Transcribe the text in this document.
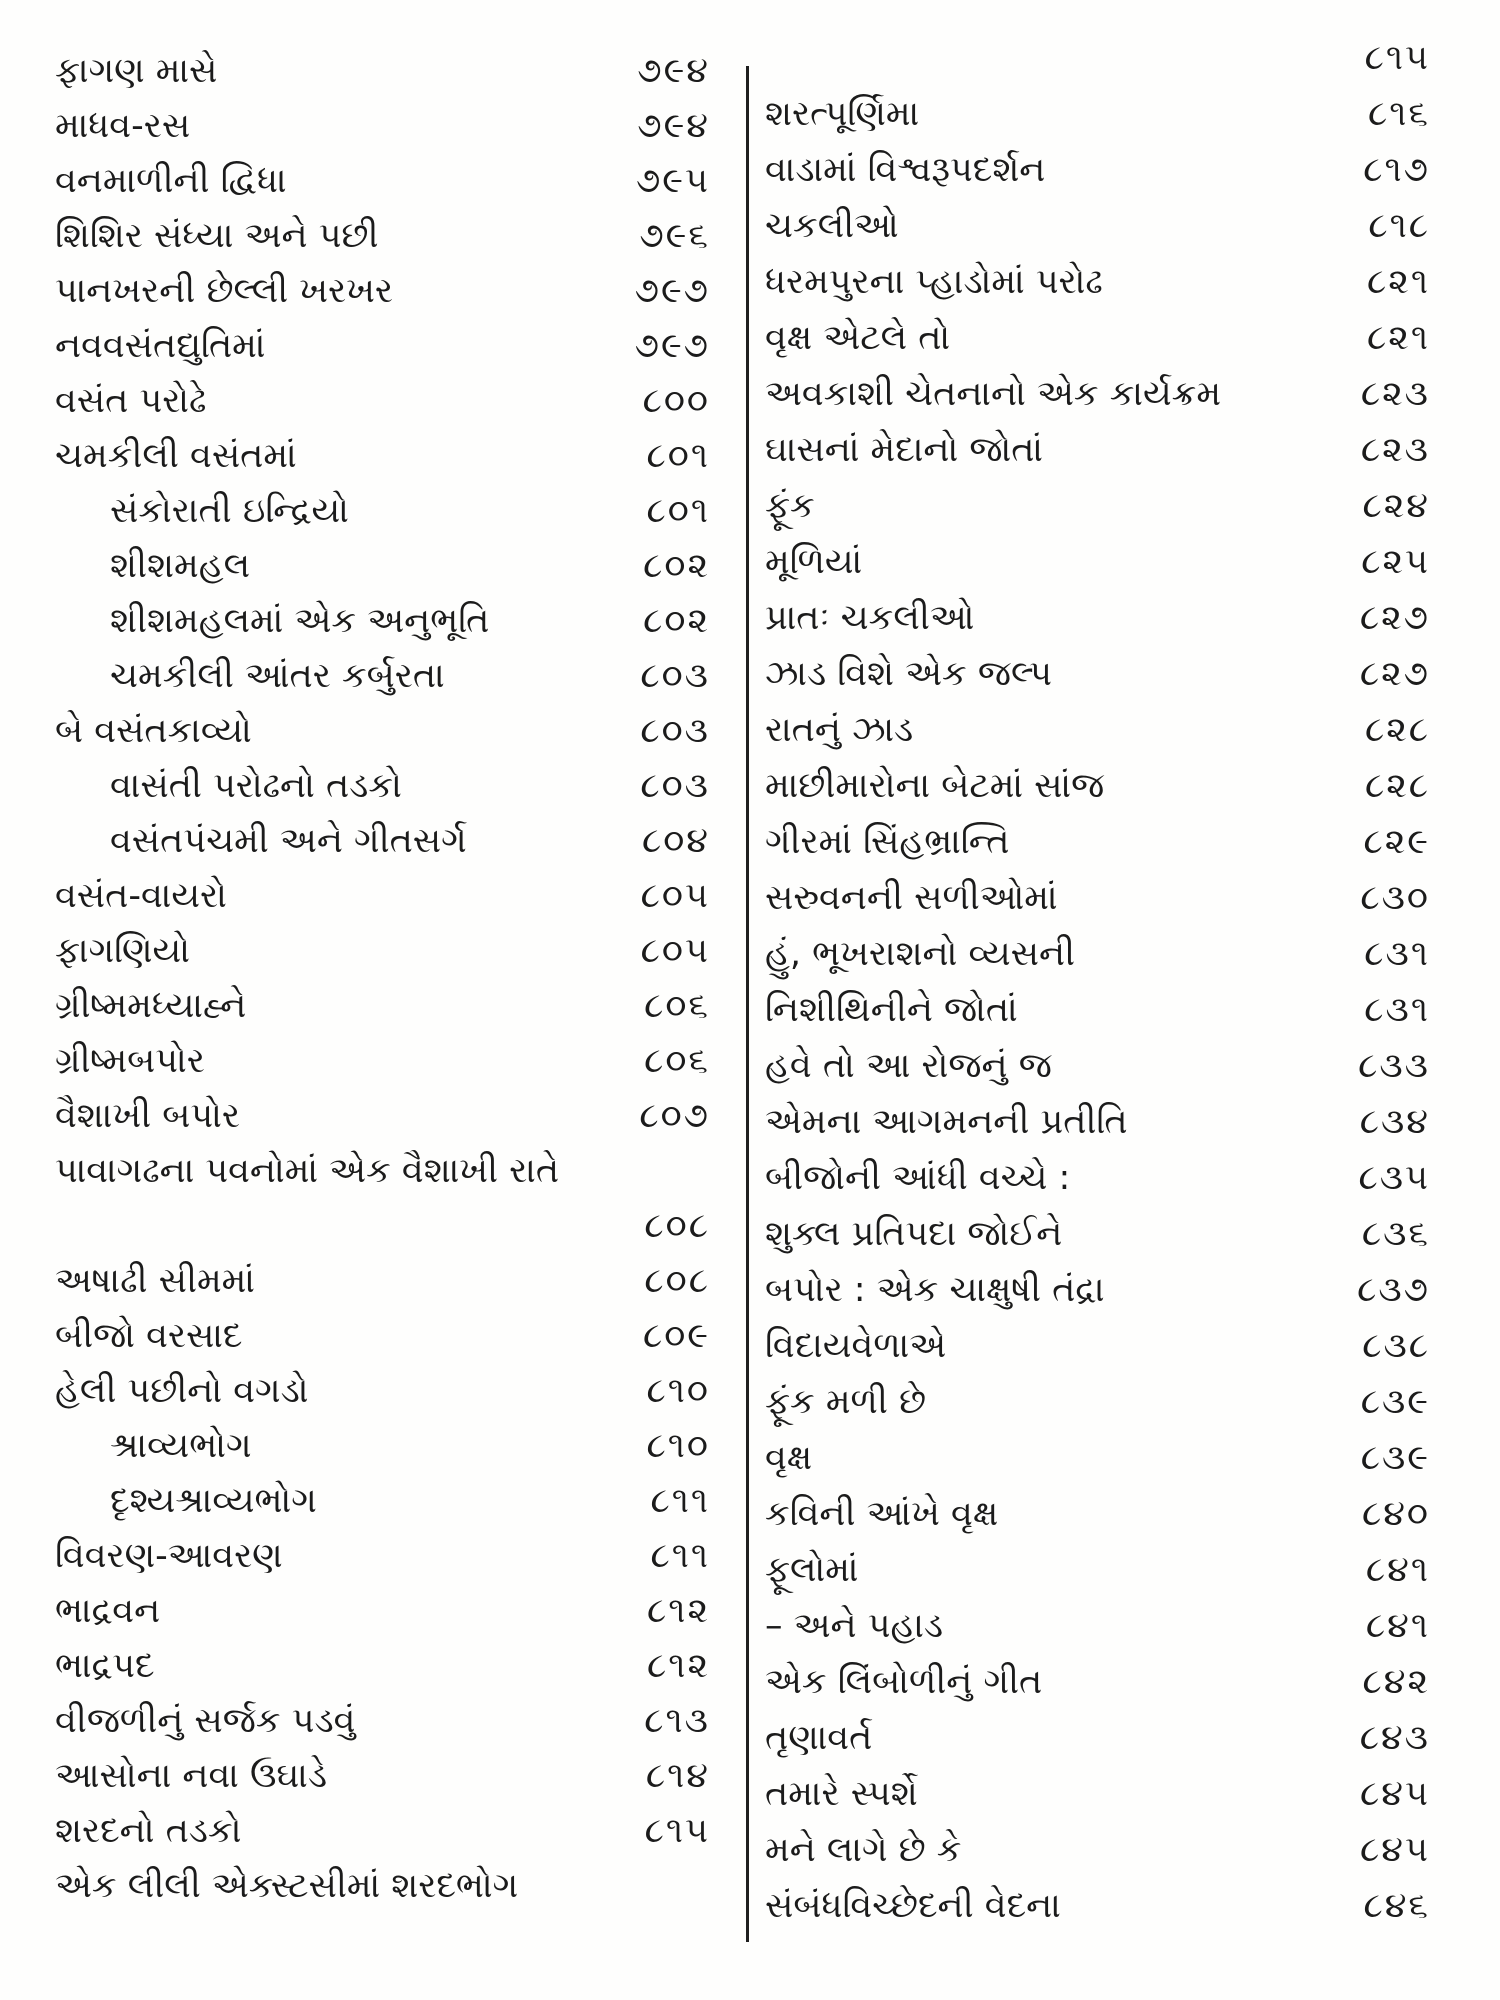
ફાગણ માસે	૭૯૪
માધવ-રસ	૭૯૪
વનમાળીની દ્વિધા	૭૯૫
શિશિર સંધ્યા અને પછી	૭૯૬
પાનખરની છેલ્લી ખરખર	૭૯૭
નવવસંતદ્યુતિમાં	૭૯૭
વસંત પરોઢે	૮૦૦
ચમકીલી વસંતમાં	૮૦૧
સંકોરાતી ઇન્દ્રિયો	૮૦૧
શીશમહલ	૮૦૨
શીશમહલમાં એક અનુભૂતિ	૮૦૨
ચમકીલી આંતર કર્બુરતા	૮૦૩
બે વસંતકાવ્યો	૮૦૩
વાસંતી પરોઢનો તડકો	૮૦૩
વસંતપંચમી અને ગીતસર્ગ	૮૦૪
વસંત-વાયરો	૮૦૫
ફાગણિયો	૮૦૫
ગ્રીષ્મમધ્યાહ્ને	૮૦૬
ગ્રીષ્મબપોર	૮૦૬
વૈશાખી બપોર	૮૦૭
પાવાગઢના પવનોમાં એક વૈશાખી રાતે
૮૦૮
અષાઢી સીમમાં	૮૦૮
બીજો વરસાદ	૮૦૯
હેલી પછીનો વગડો	૮૧૦
શ્રાવ્યભોગ	૮૧૦
દૃશ્યશ્રાવ્યભોગ	૮૧૧
વિવરણ-આવરણ	૮૧૧
ભાદ્રવન	૮૧૨
ભાદ્રપદ	૮૧૨
વીજળીનું સર્જક પડવું	૮૧૩
આસોના નવા ઉઘાડે	૮૧૪
શરદનો તડકો	૮૧૫
એક લીલી એક્સ્ટસીમાં શરદભોગ
૮૧૫
શરત્પૂર્ણિમા	૮૧૬
વાડામાં વિશ્વરૂપદર્શન	૮૧૭
ચકલીઓ	૮૧૮
ધરમપુરના પ્હાડોમાં પરોઢ	૮૨૧
વૃક્ષ એટલે તો	૮૨૧
અવકાશી ચેતનાનો એક કાર્યક્રમ	૮૨૩
ઘાસનાં મેદાનો જોતાં	૮૨૩
ફૂંક	૮૨૪
મૂળિયાં	૮૨૫
પ્રાતઃ ચકલીઓ	૮૨૭
ઝાડ વિશે એક જલ્પ	૮૨૭
રાતનું ઝાડ	૮૨૮
માછીમારોના બેટમાં સાંજ	૮૨૮
ગીરમાં સિંહભ્રાન્તિ	૮૨૯
સરુવનની સળીઓમાં	૮૩૦
હું, ભૂખરાશનો વ્યસની	૮૩૧
નિશીથિનીને જોતાં	૮૩૧
હવે તો આ રોજનું જ	૮૩૩
એમના આગમનની પ્રતીતિ	૮૩૪
બીજોની આંધી વચ્ચે :	૮૩૫
શુક્લ પ્રતિપદા જોઈને	૮૩૬
બપોર : એક ચાક્ષુષી તંદ્રા	૮૩૭
વિદાયવેળાએ	૮૩૮
ફૂંક મળી છે	૮૩૯
વૃક્ષ	૮૩૯
કવિની આંખે વૃક્ષ	૮૪૦
ફૂલોમાં	૮૪૧
– અને પહાડ	૮૪૧
એક લિંબોળીનું ગીત	૮૪૨
તૃણાવર્ત	૮૪૩
તમારે સ્પર્શે	૮૪૫
મને લાગે છે કે	૮૪૫
સંબંધવિચ્છેદની વેદના	૮૪૬
